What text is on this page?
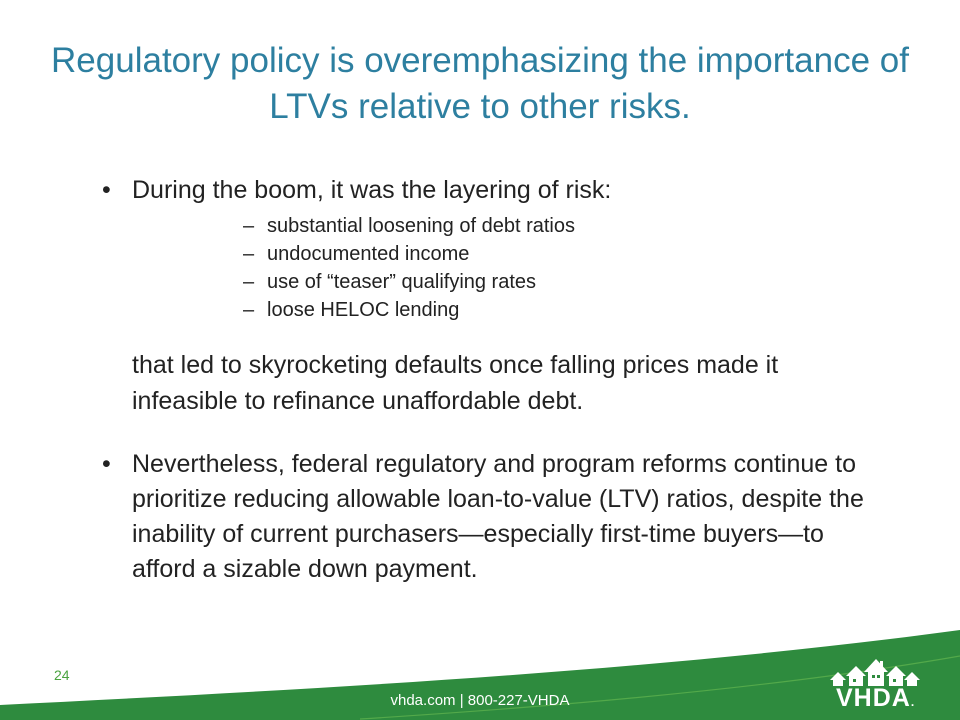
Regulatory policy is overemphasizing the importance of LTVs relative to other risks.
• During the boom, it was the layering of risk:
– substantial loosening of debt ratios
– undocumented income
– use of “teaser” qualifying rates
– loose HELOC lending
that led to skyrocketing defaults once falling prices made it infeasible to refinance unaffordable debt.
• Nevertheless, federal regulatory and program reforms continue to prioritize reducing allowable loan-to-value (LTV) ratios, despite the inability of current purchasers—especially first-time buyers—to afford a sizable down payment.
24
vhda.com | 800-227-VHDA	VHDA.
